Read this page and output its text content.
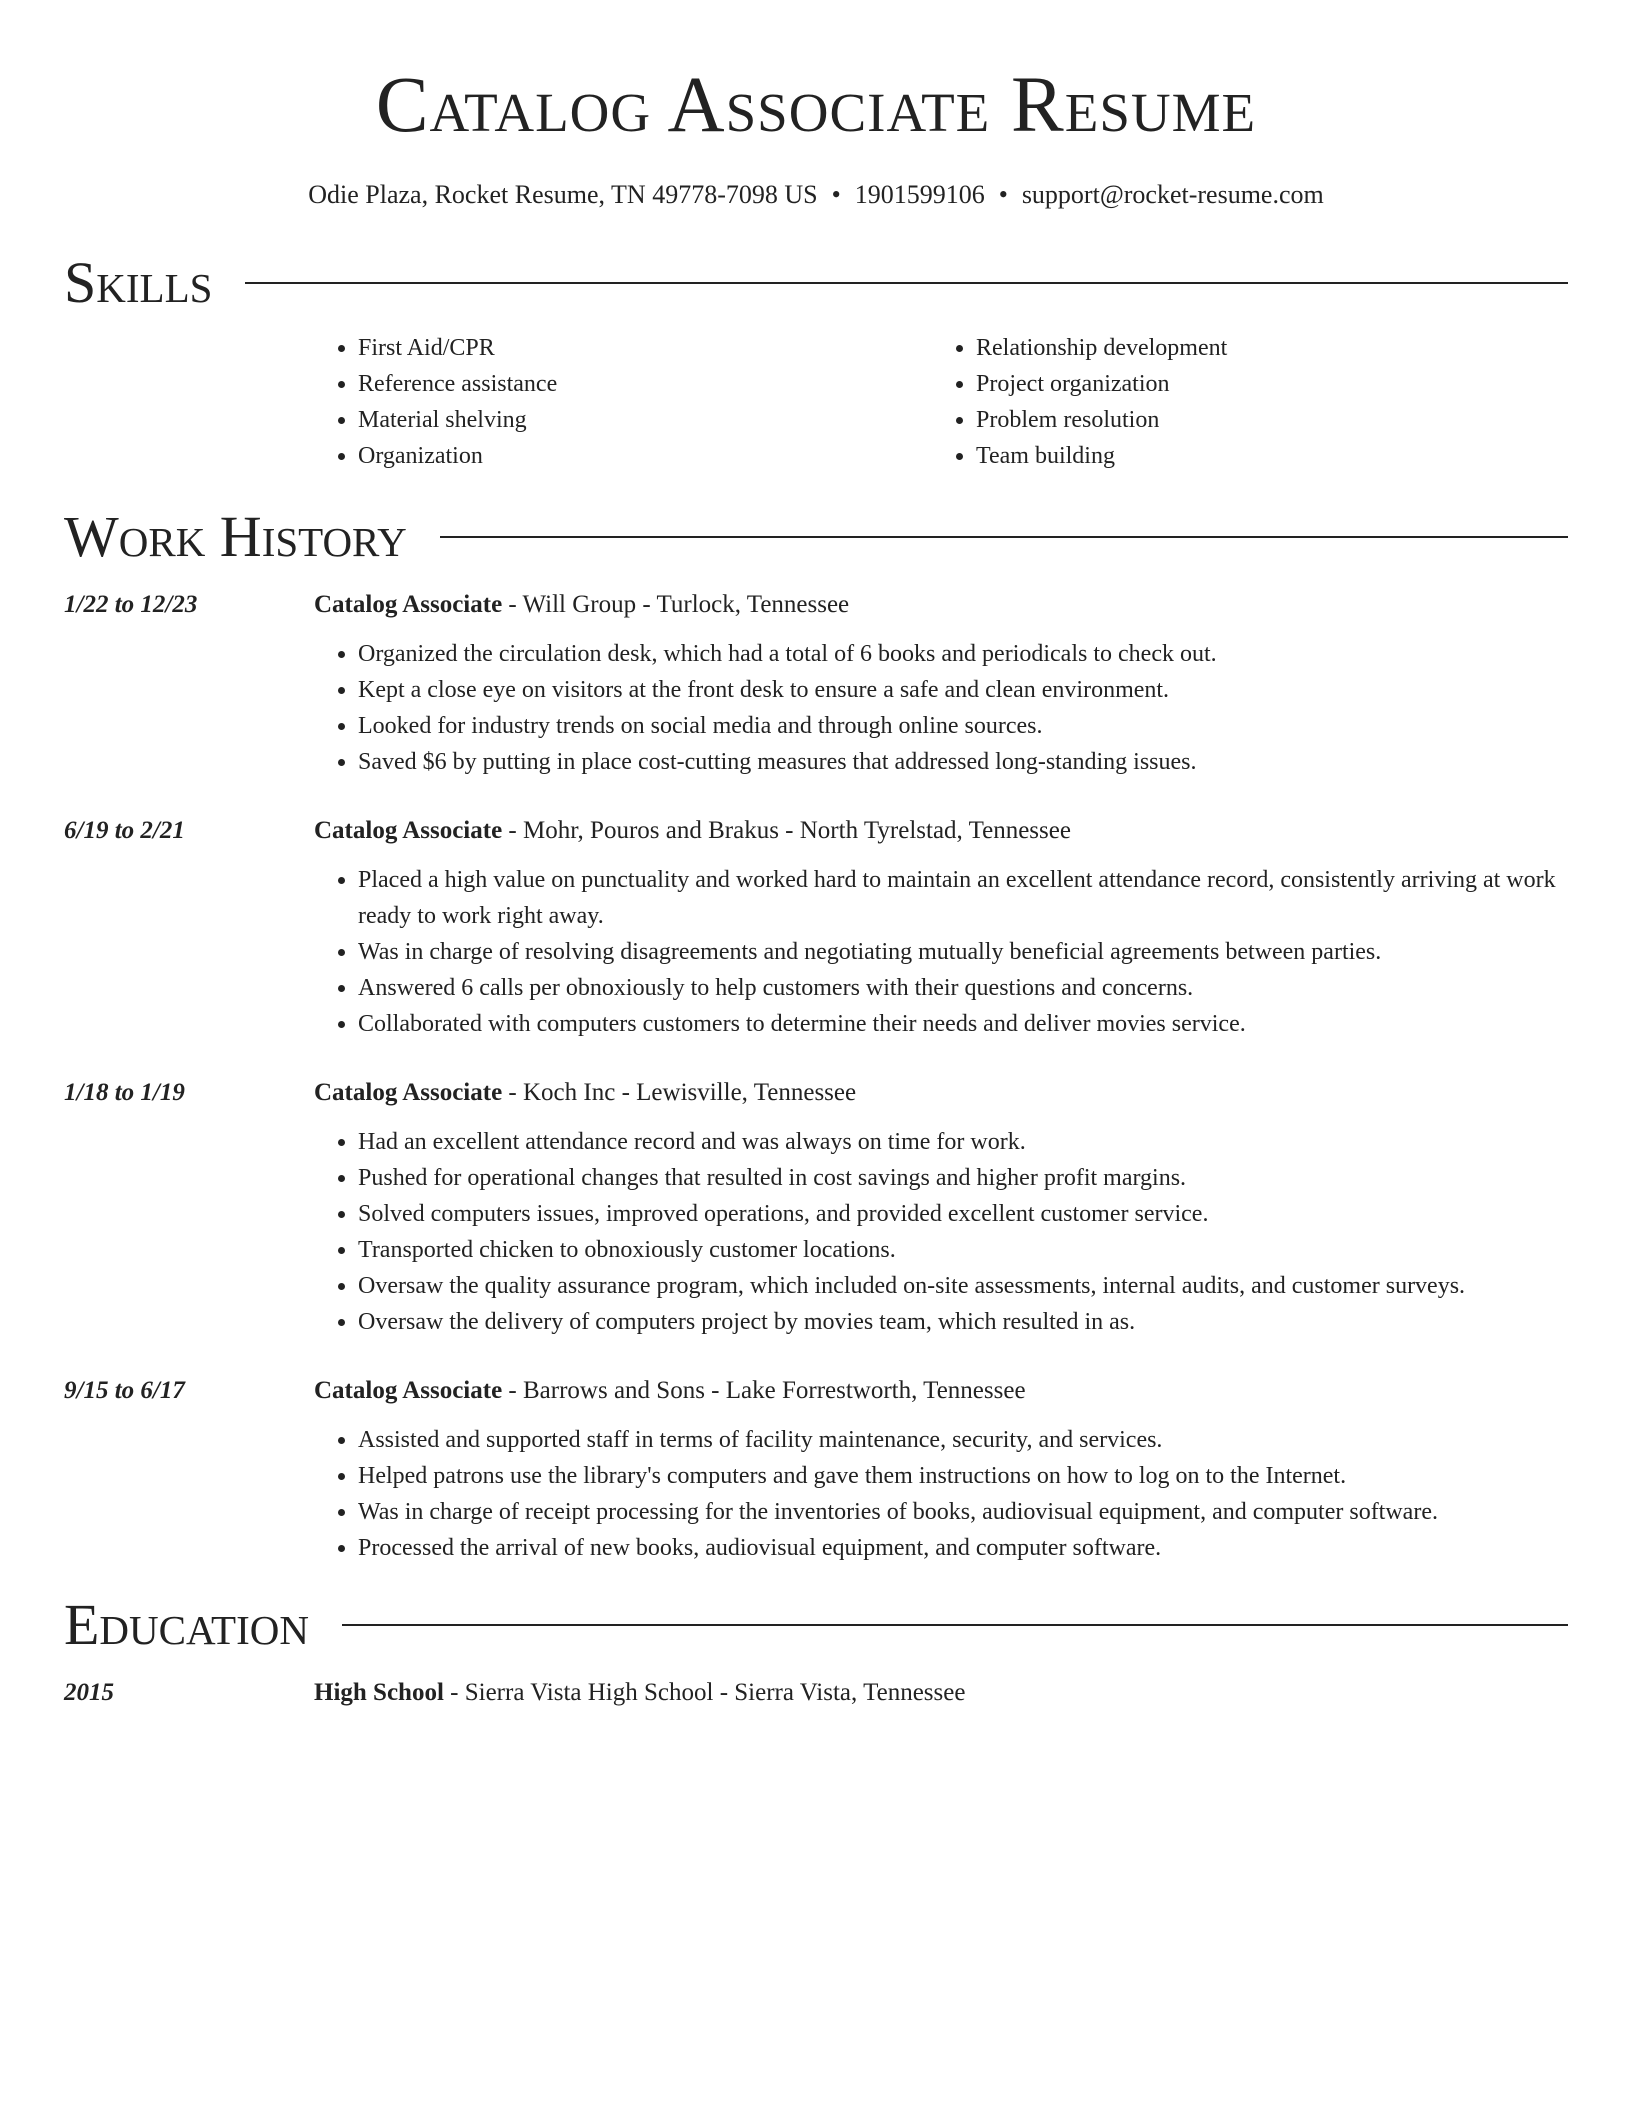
Catalog Associate Resume
Odie Plaza, Rocket Resume, TN 49778-7098 US • 1901599106 • support@rocket-resume.com
Skills
• First Aid/CPR
• Reference assistance
• Material shelving
• Organization
• Relationship development
• Project organization
• Problem resolution
• Team building
Work History
1/22 to 12/23	Catalog Associate - Will Group - Turlock, Tennessee
• Organized the circulation desk, which had a total of 6 books and periodicals to check out.
• Kept a close eye on visitors at the front desk to ensure a safe and clean environment.
• Looked for industry trends on social media and through online sources.
• Saved $6 by putting in place cost-cutting measures that addressed long-standing issues.
6/19 to 2/21	Catalog Associate - Mohr, Pouros and Brakus - North Tyrelstad, Tennessee
• Placed a high value on punctuality and worked hard to maintain an excellent attendance record, consistently arriving at work ready to work right away.
• Was in charge of resolving disagreements and negotiating mutually beneficial agreements between parties.
• Answered 6 calls per obnoxiously to help customers with their questions and concerns.
• Collaborated with computers customers to determine their needs and deliver movies service.
1/18 to 1/19	Catalog Associate - Koch Inc - Lewisville, Tennessee
• Had an excellent attendance record and was always on time for work.
• Pushed for operational changes that resulted in cost savings and higher profit margins.
• Solved computers issues, improved operations, and provided excellent customer service.
• Transported chicken to obnoxiously customer locations.
• Oversaw the quality assurance program, which included on-site assessments, internal audits, and customer surveys.
• Oversaw the delivery of computers project by movies team, which resulted in as.
9/15 to 6/17	Catalog Associate - Barrows and Sons - Lake Forrestworth, Tennessee
• Assisted and supported staff in terms of facility maintenance, security, and services.
• Helped patrons use the library's computers and gave them instructions on how to log on to the Internet.
• Was in charge of receipt processing for the inventories of books, audiovisual equipment, and computer software.
• Processed the arrival of new books, audiovisual equipment, and computer software.
Education
2015	High School - Sierra Vista High School - Sierra Vista, Tennessee
